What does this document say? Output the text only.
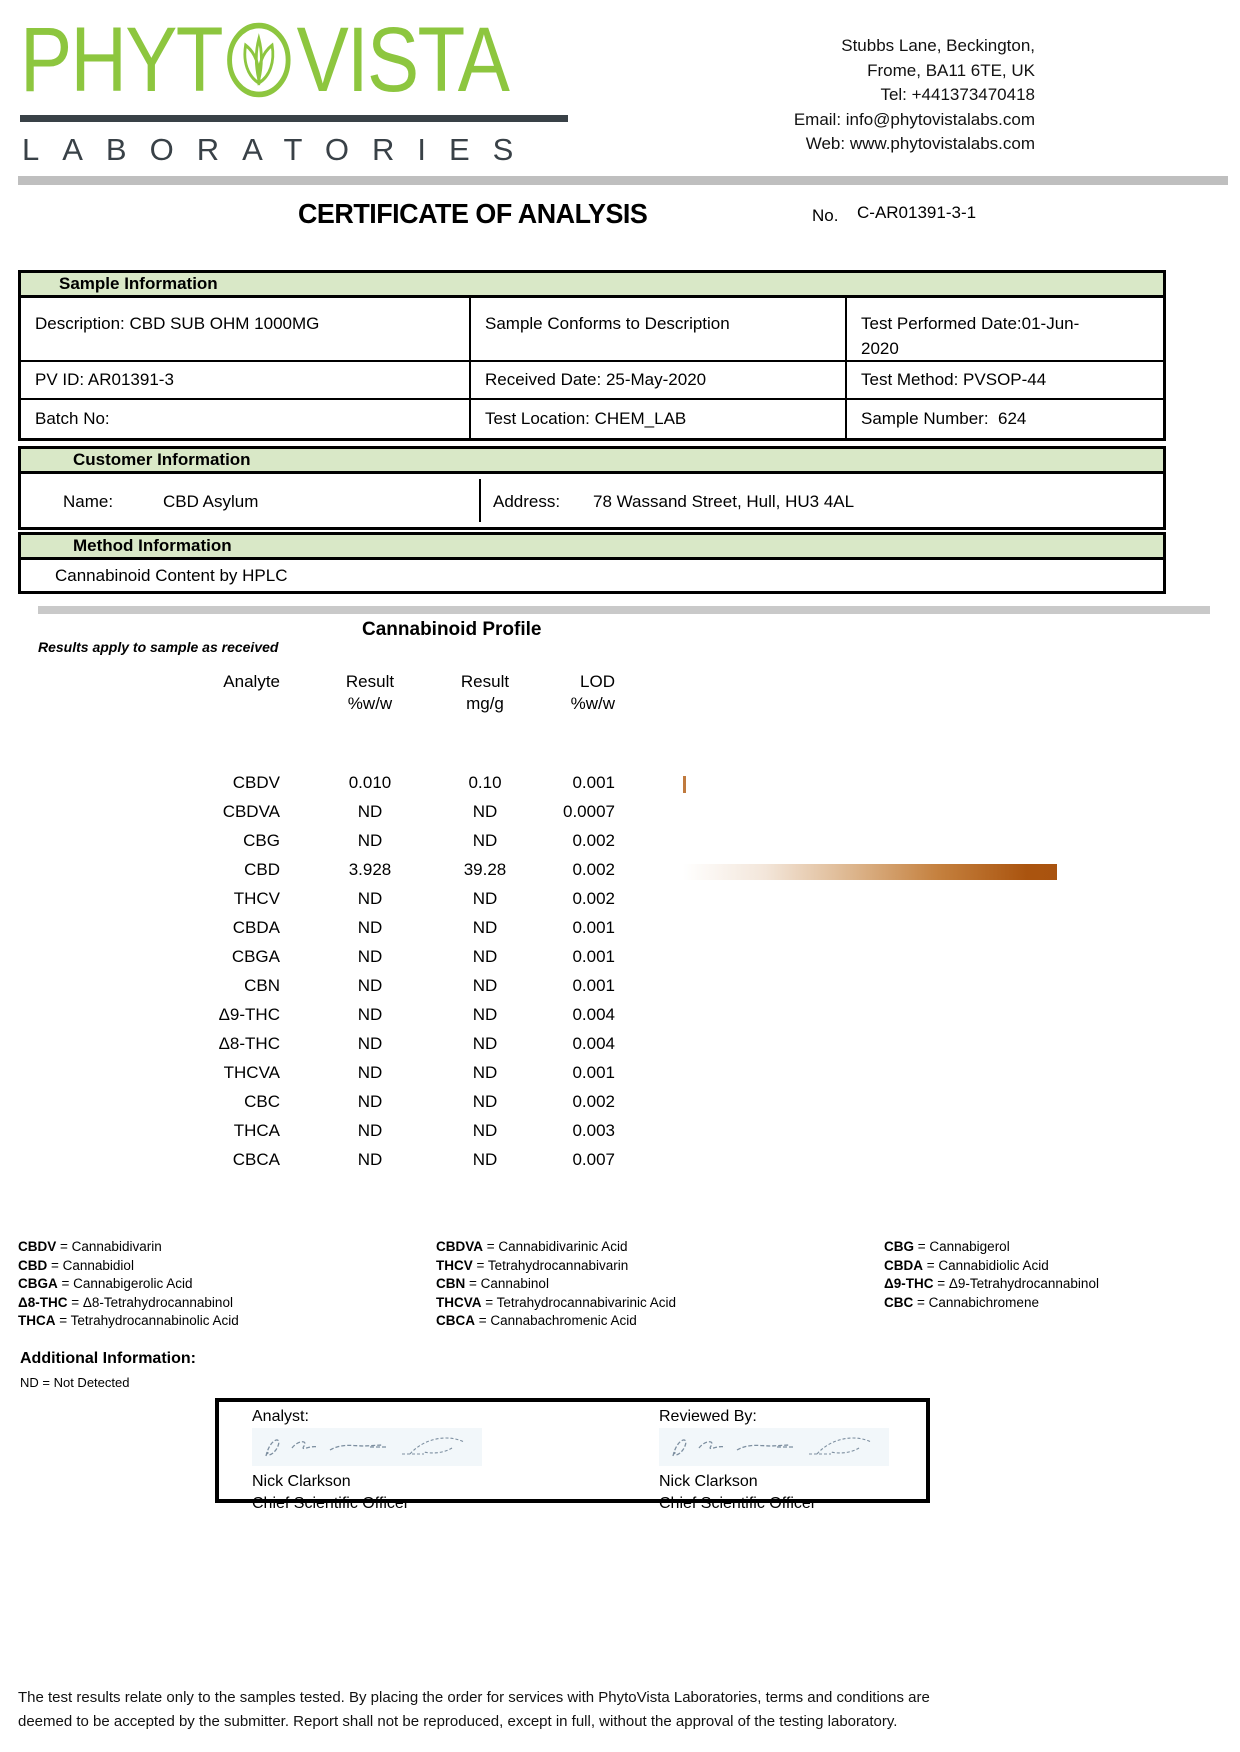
PHYT VISTA
LABORATORIES
Stubbs Lane, Beckington,
Frome, BA11 6TE, UK
Tel: +441373470418
Email: info@phytovistalabs.com
Web: www.phytovistalabs.com
CERTIFICATE OF ANALYSIS	No. C-AR01391-3-1
Sample Information
Description: CBD SUB OHM 1000MG	Sample Conforms to Description	Test Performed Date:01-Jun-2020
PV ID: AR01391-3	Received Date: 25-May-2020	Test Method: PVSOP-44
Batch No:	Test Location: CHEM_LAB	Sample Number:  624
Customer Information
Name:	CBD Asylum	Address: 78 Wassand Street, Hull, HU3 4AL
Method Information
Cannabinoid Content by HPLC
Results apply to sample as received
Cannabinoid Profile
Analyte	Result	Result	LOD
%w/w	mg/g	%w/w
CBDV	0.010	0.10	0.001
CBDVA	ND	ND	0.0007
CBG	ND	ND	0.002
CBD	3.928	39.28	0.002
THCV	ND	ND	0.002
CBDA	ND	ND	0.001
CBGA	ND	ND	0.001
CBN	ND	ND	0.001
Δ9-THC	ND	ND	0.004
Δ8-THC	ND	ND	0.004
THCVA	ND	ND	0.001
CBC	ND	ND	0.002
THCA	ND	ND	0.003
CBCA	ND	ND	0.007
CBDV = Cannabidivarin
CBD = Cannabidiol
CBGA = Cannabigerolic Acid
Δ8-THC = Δ8-Tetrahydrocannabinol
THCA = Tetrahydrocannabinolic Acid
CBDVA = Cannabidivarinic Acid
THCV = Tetrahydrocannabivarin
CBN = Cannabinol
THCVA = Tetrahydrocannabivarinic Acid
CBCA = Cannabachromenic Acid
CBG = Cannabigerol
CBDA = Cannabidiolic Acid
Δ9-THC = Δ9-Tetrahydrocannabinol
CBC = Cannabichromene
Additional Information:
ND = Not Detected
Analyst:
Nick Clarkson
Chief Scientific Officer
Reviewed By:
Nick Clarkson
Chief Scientific Officer
The test results relate only to the samples tested. By placing the order for services with PhytoVista Laboratories, terms and conditions are
deemed to be accepted by the submitter. Report shall not be reproduced, except in full, without the approval of the testing laboratory.
